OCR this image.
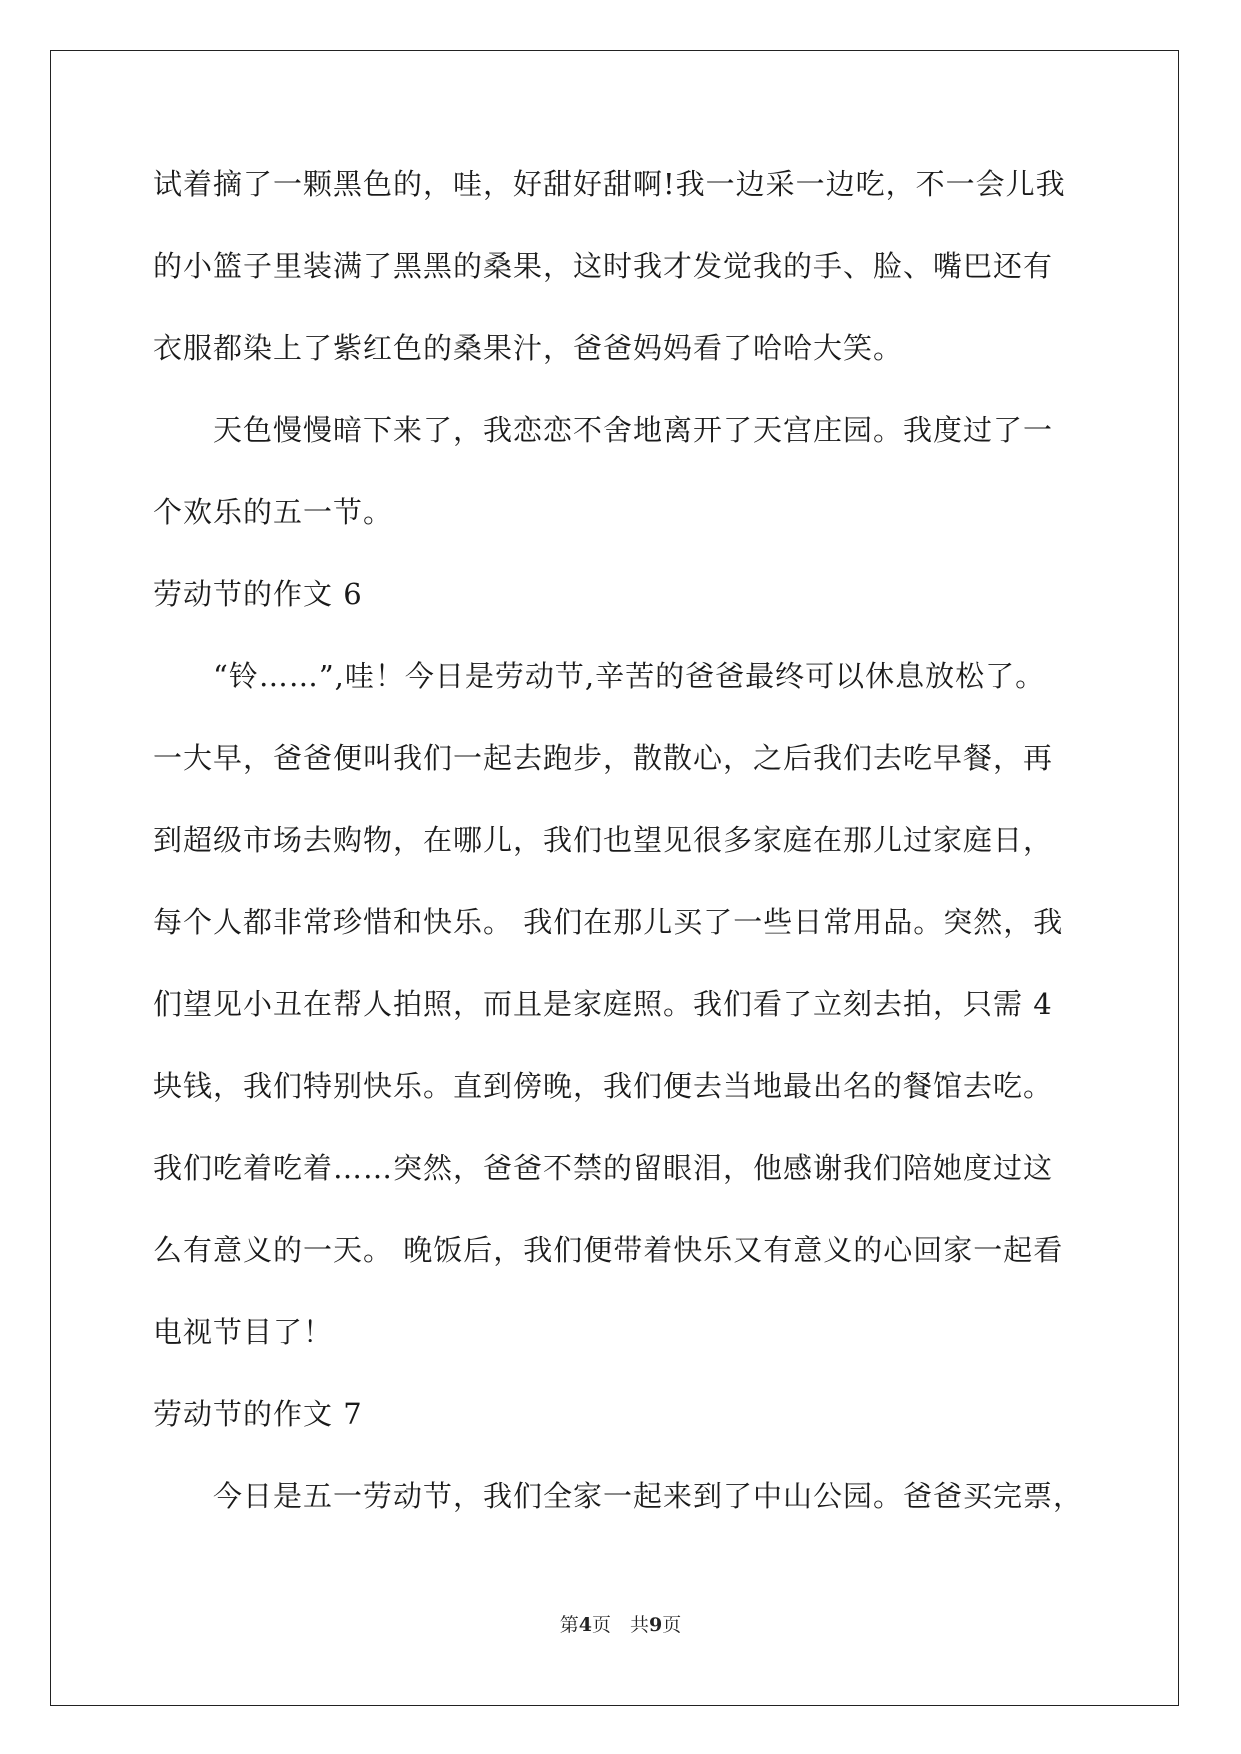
试着摘了一颗黑色的，哇，好甜好甜啊!我一边采一边吃，不一会儿我
的小篮子里装满了黑黑的桑果，这时我才发觉我的手、脸、嘴巴还有
衣服都染上了紫红色的桑果汁，爸爸妈妈看了哈哈大笑。
天色慢慢暗下来了，我恋恋不舍地离开了天宫庄园。我度过了一
个欢乐的五一节。
劳动节的作文 6
“铃……”,哇！今日是劳动节,辛苦的爸爸最终可以休息放松了。
一大早，爸爸便叫我们一起去跑步，散散心，之后我们去吃早餐，再
到超级市场去购物，在哪儿，我们也望见很多家庭在那儿过家庭日，
每个人都非常珍惜和快乐。 我们在那儿买了一些日常用品。突然，我
们望见小丑在帮人拍照，而且是家庭照。我们看了立刻去拍，只需 4
块钱，我们特别快乐。直到傍晚，我们便去当地最出名的餐馆去吃。
我们吃着吃着……突然，爸爸不禁的留眼泪，他感谢我们陪她度过这
么有意义的一天。 晚饭后，我们便带着快乐又有意义的心回家一起看
电视节目了！
劳动节的作文 7
今日是五一劳动节，我们全家一起来到了中山公园。爸爸买完票，
第4页　共9页
